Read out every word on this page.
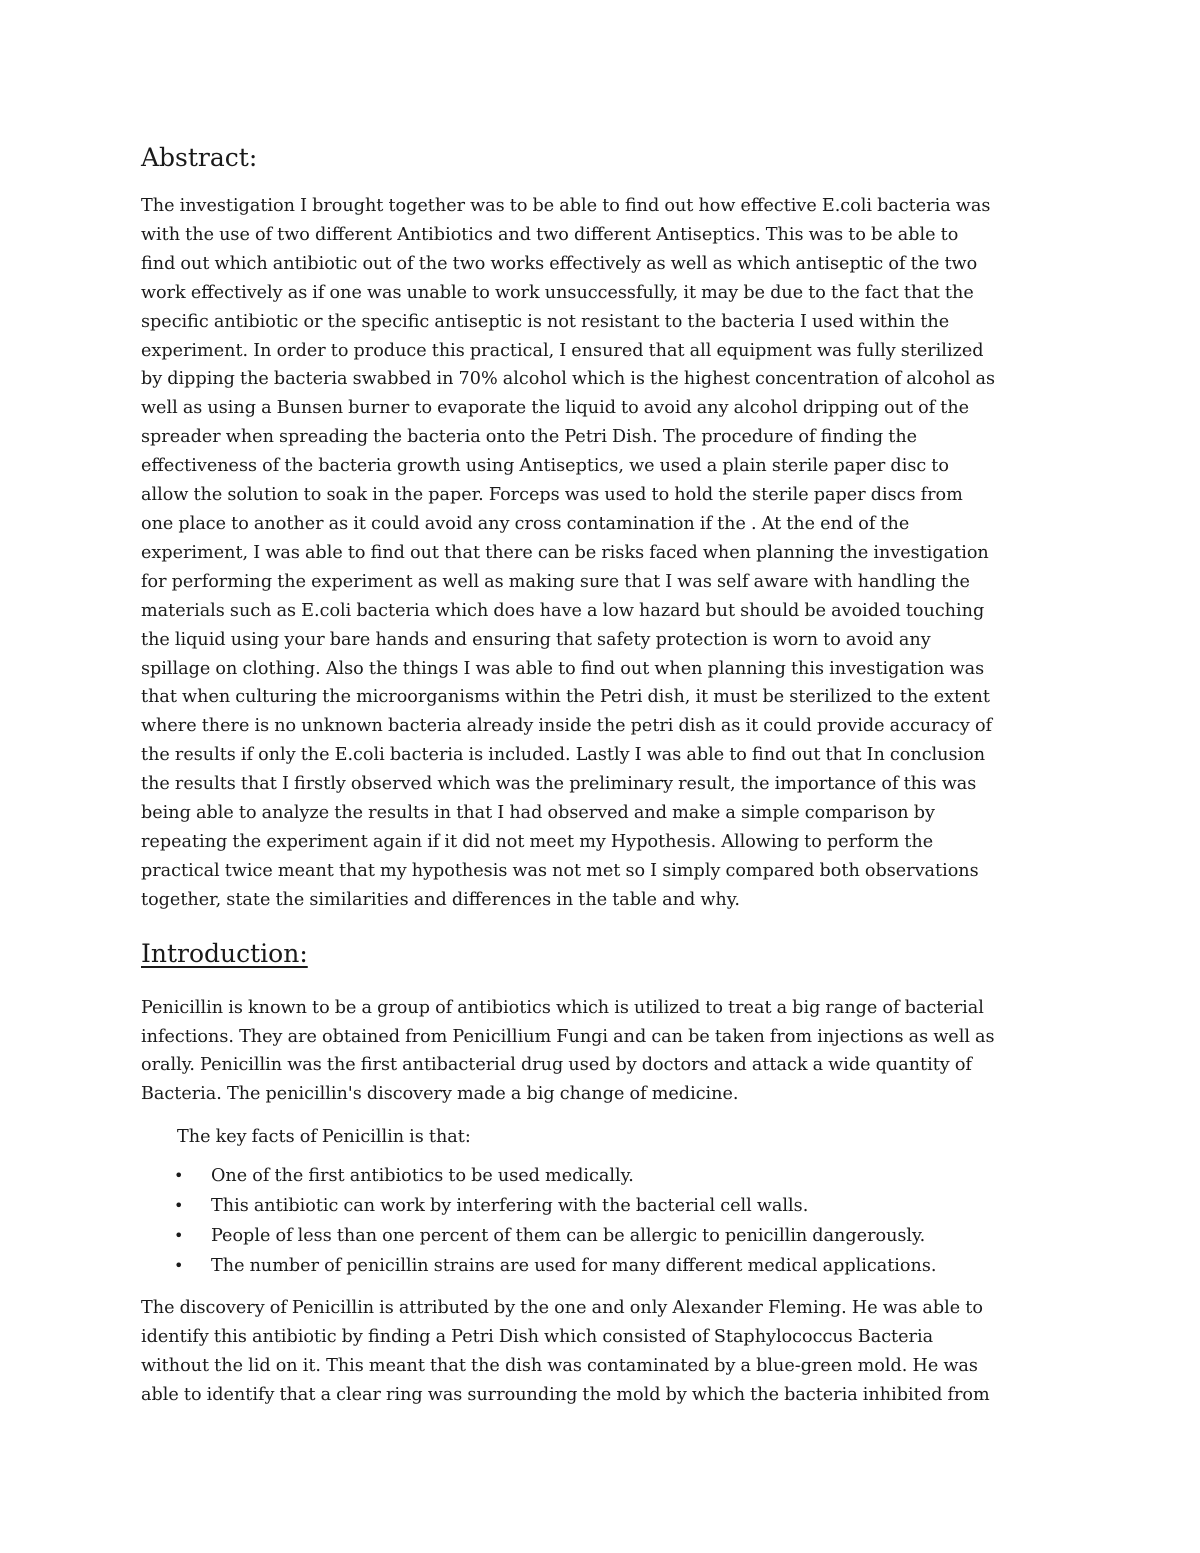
Abstract:

The investigation I brought together was to be able to find out how effective E.coli bacteria was
with the use of two different Antibiotics and two different Antiseptics. This was to be able to
find out which antibiotic out of the two works effectively as well as which antiseptic of the two
work effectively as if one was unable to work unsuccessfully, it may be due to the fact that the
specific antibiotic or the specific antiseptic is not resistant to the bacteria I used within the
experiment. In order to produce this practical, I ensured that all equipment was fully sterilized
by dipping the bacteria swabbed in 70% alcohol which is the highest concentration of alcohol as
well as using a Bunsen burner to evaporate the liquid to avoid any alcohol dripping out of the
spreader when spreading the bacteria onto the Petri Dish. The procedure of finding the
effectiveness of the bacteria growth using Antiseptics, we used a plain sterile paper disc to
allow the solution to soak in the paper. Forceps was used to hold the sterile paper discs from
one place to another as it could avoid any cross contamination if the . At the end of the
experiment, I was able to find out that there can be risks faced when planning the investigation
for performing the experiment as well as making sure that I was self aware with handling the
materials such as E.coli bacteria which does have a low hazard but should be avoided touching
the liquid using your bare hands and ensuring that safety protection is worn to avoid any
spillage on clothing. Also the things I was able to find out when planning this investigation was
that when culturing the microorganisms within the Petri dish, it must be sterilized to the extent
where there is no unknown bacteria already inside the petri dish as it could provide accuracy of
the results if only the E.coli bacteria is included. Lastly I was able to find out that In conclusion
the results that I firstly observed which was the preliminary result, the importance of this was
being able to analyze the results in that I had observed and make a simple comparison by
repeating the experiment again if it did not meet my Hypothesis. Allowing to perform the
practical twice meant that my hypothesis was not met so I simply compared both observations
together, state the similarities and differences in the table and why.

Introduction:

Penicillin is known to be a group of antibiotics which is utilized to treat a big range of bacterial
infections. They are obtained from Penicillium Fungi and can be taken from injections as well as
orally. Penicillin was the first antibacterial drug used by doctors and attack a wide quantity of
Bacteria. The penicillin's discovery made a big change of medicine.

The key facts of Penicillin is that:

• One of the first antibiotics to be used medically.
• This antibiotic can work by interfering with the bacterial cell walls.
• People of less than one percent of them can be allergic to penicillin dangerously.
• The number of penicillin strains are used for many different medical applications.

The discovery of Penicillin is attributed by the one and only Alexander Fleming. He was able to
identify this antibiotic by finding a Petri Dish which consisted of Staphylococcus Bacteria
without the lid on it. This meant that the dish was contaminated by a blue-green mold. He was
able to identify that a clear ring was surrounding the mold by which the bacteria inhibited from
